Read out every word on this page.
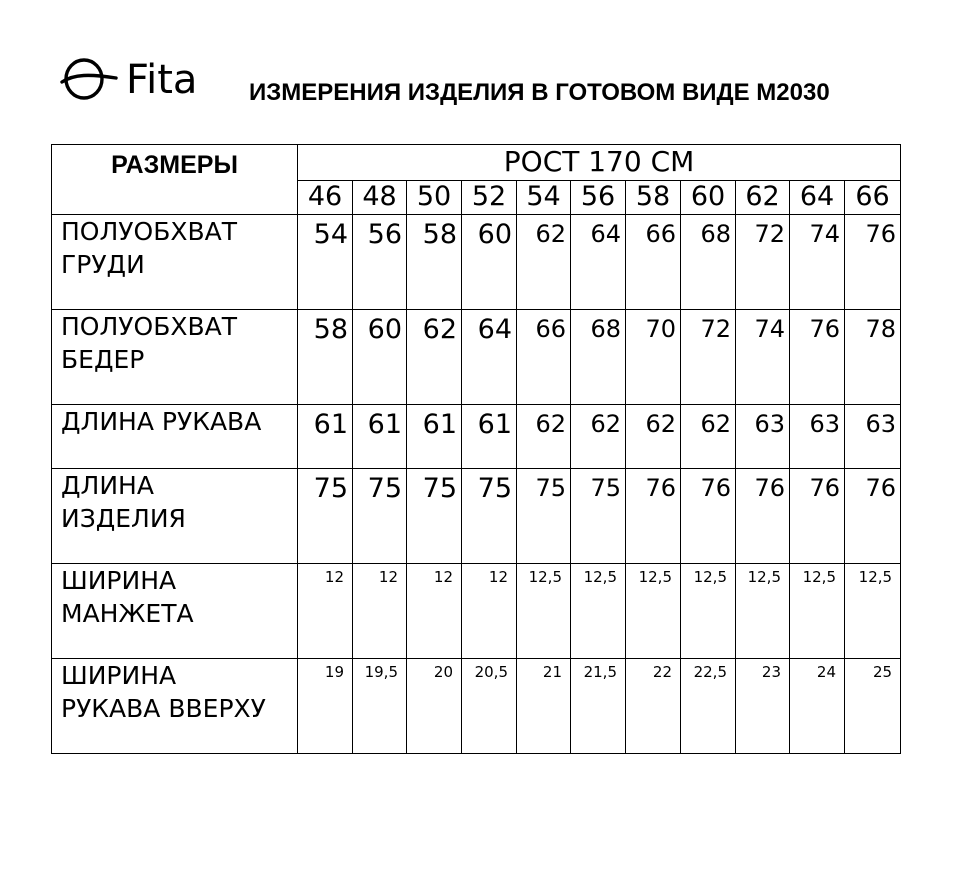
Fita ИЗМЕРЕНИЯ ИЗДЕЛИЯ В ГОТОВОМ ВИДЕ М2030
РАЗМЕРЫ	РОСТ 170 СМ										
	46	48	50	52	54	56	58	60	62	64	66

ПОЛУОБХВАТ
ГРУДИ	54	56	58	60	62	64	66	68	72	74	76

ПОЛУОБХВАТ
БЕДЕР	58	60	62	64	66	68	70	72	74	76	78

ДЛИНА РУКАВА	61	61	61	61	62	62	62	62	63	63	63

ДЛИНА
ИЗДЕЛИЯ	75	75	75	75	75	75	76	76	76	76	76

ШИРИНА
МАНЖЕТА	12	12	12	12	12,5	12,5	12,5	12,5	12,5	12,5	12,5

ШИРИНА
РУКАВА ВВЕРХУ	19	19,5	20	20,5	21	21,5	22	22,5	23	24	25
